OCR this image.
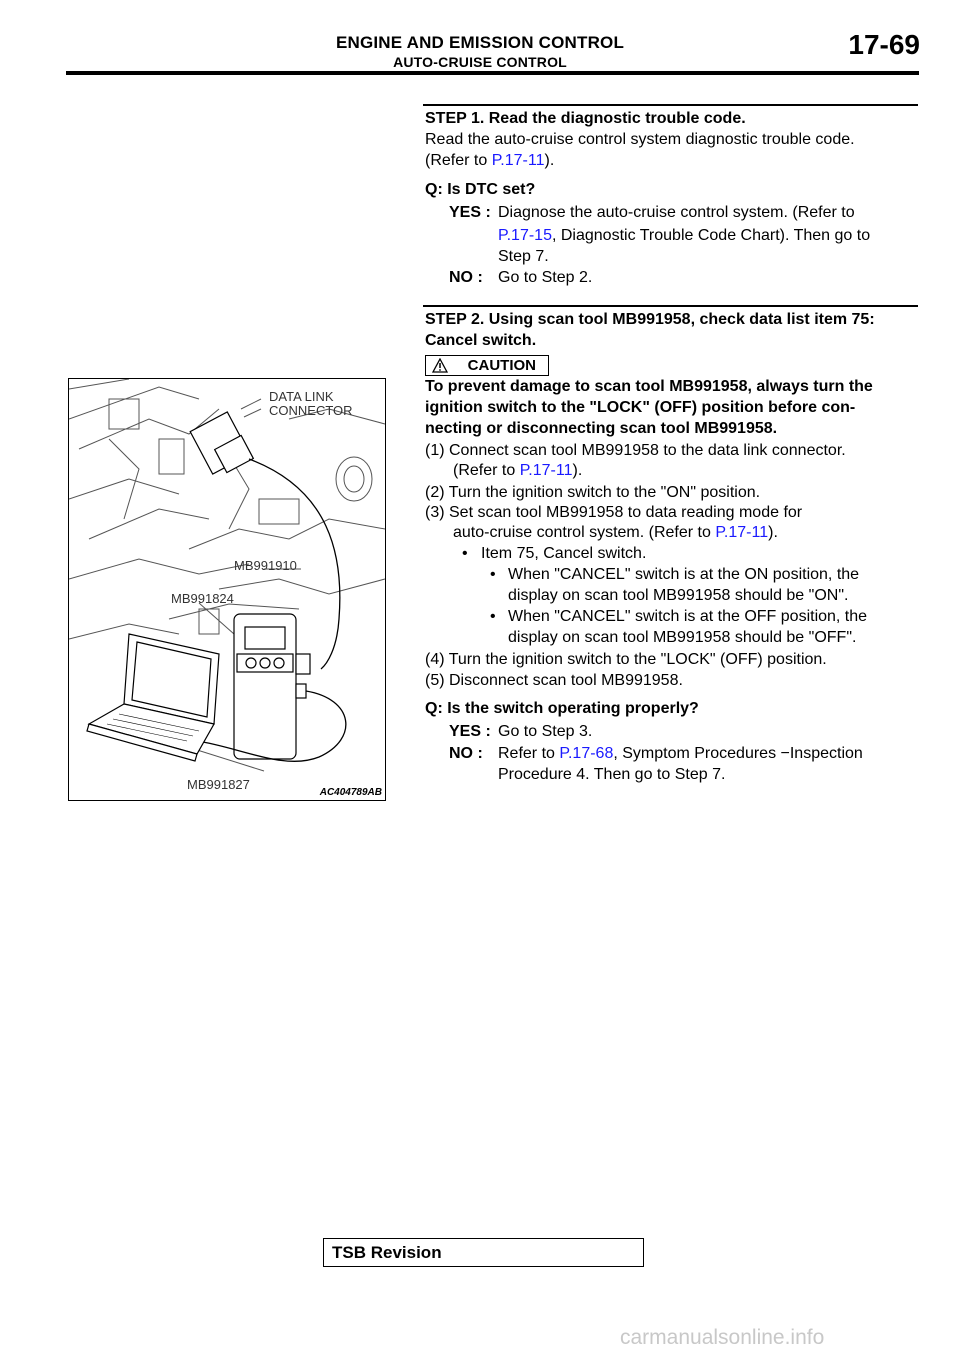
ENGINE AND EMISSION CONTROL
AUTO-CRUISE CONTROL
17-69
STEP 1. Read the diagnostic trouble code.
Read the auto-cruise control system diagnostic trouble code.
(Refer to P.17-11).
Q: Is DTC set?
YES : Diagnose the auto-cruise control system. (Refer to
P.17-15, Diagnostic Trouble Code Chart). Then go to
Step 7.
NO : Go to Step 2.
STEP 2. Using scan tool MB991958, check data list item 75:
Cancel switch.
CAUTION
To prevent damage to scan tool MB991958, always turn the
ignition switch to the "LOCK" (OFF) position before con-
necting or disconnecting scan tool MB991958.
(1) Connect scan tool MB991958 to the data link connector.
(Refer to P.17-11).
(2) Turn the ignition switch to the "ON" position.
(3) Set scan tool MB991958 to data reading mode for
auto-cruise control system. (Refer to P.17-11).
• Item 75, Cancel switch.
• When "CANCEL" switch is at the ON position, the
display on scan tool MB991958 should be "ON".
• When "CANCEL" switch is at the OFF position, the
display on scan tool MB991958 should be "OFF".
(4) Turn the ignition switch to the "LOCK" (OFF) position.
(5) Disconnect scan tool MB991958.
Q: Is the switch operating properly?
YES : Go to Step 3.
NO : Refer to P.17-68, Symptom Procedures −Inspection
Procedure 4. Then go to Step 7.
DATA LINK
CONNECTOR
MB991910
MB991824
MB991827
AC404789AB
TSB Revision
carmanualsonline.info
